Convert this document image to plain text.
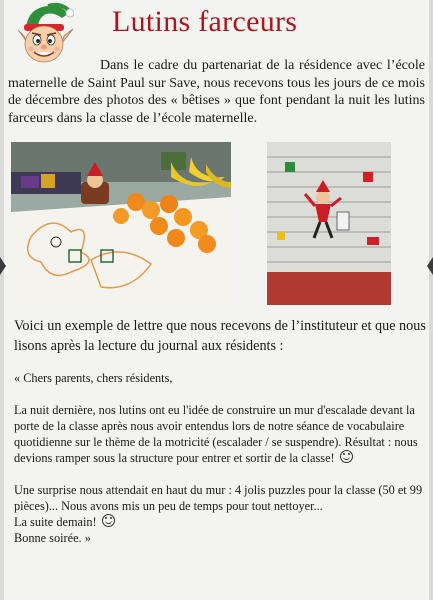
Lutins farceurs
Dans le cadre du partenariat de la résidence avec l’école maternelle de Saint Paul sur Save, nous recevons tous les jours de ce mois de décembre des photos des « bêtises » que font pendant la nuit les lutins farceurs dans la classe de l’école maternelle.
Voici un exemple de lettre que nous recevons de l’instituteur et que nous lisons après la lecture du journal aux résidents :

« Chers parents, chers résidents,

La nuit dernière, nos lutins ont eu l'idée de construire un mur d'escalade devant la porte de la classe après nous avoir entendus lors de notre séance de vocabulaire quotidienne sur le thème de la motricité (escalader / se suspendre). Résultat : nous devions ramper sous la structure pour entrer et sortir de la classe!

Une surprise nous attendait en haut du mur : 4 jolis puzzles pour la classe (50 et 99 pièces)... Nous avons mis un peu de temps pour tout nettoyer...

La suite demain!

Bonne soirée. »
